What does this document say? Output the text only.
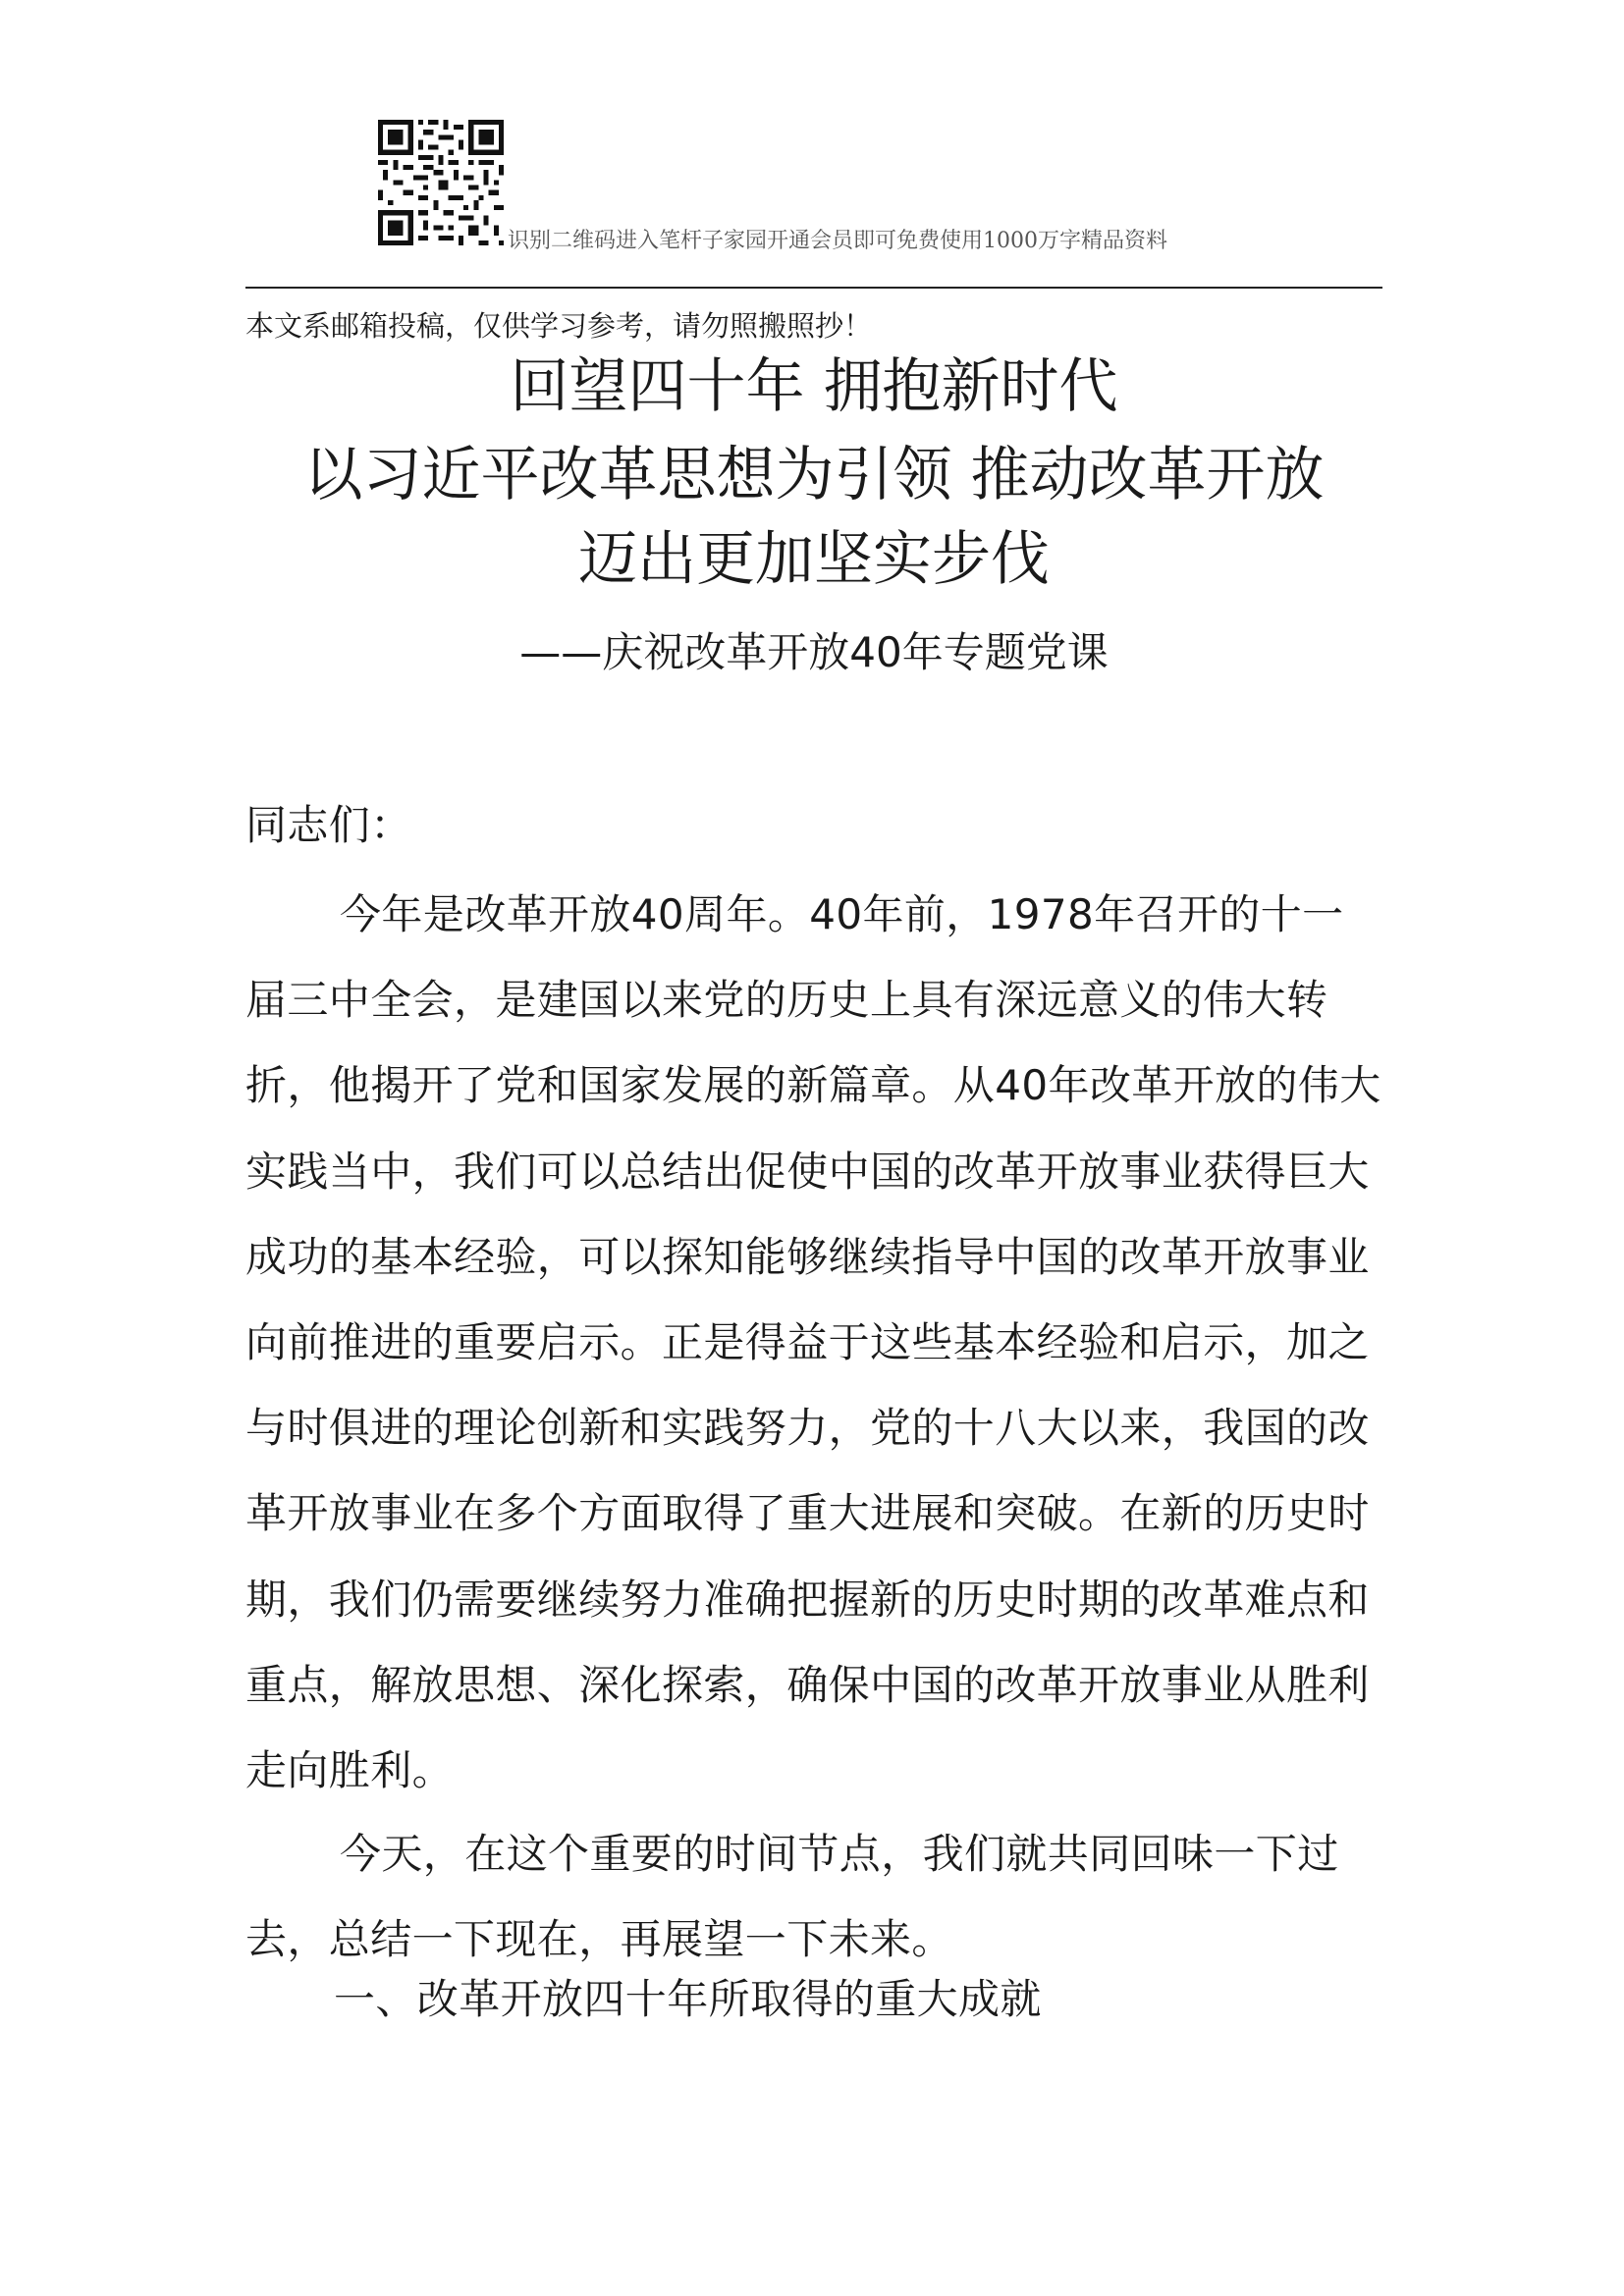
识别二维码进入笔杆子家园开通会员即可免费使用1000万字精品资料
本文系邮箱投稿，仅供学习参考，请勿照搬照抄！
回望四十年 拥抱新时代
以习近平改革思想为引领 推动改革开放
迈出更加坚实步伐
——庆祝改革开放40年专题党课
同志们：
今年是改革开放40周年。40年前，1978年召开的十一届三中全会，是建国以来党的历史上具有深远意义的伟大转折，他揭开了党和国家发展的新篇章。从40年改革开放的伟大实践当中，我们可以总结出促使中国的改革开放事业获得巨大成功的基本经验，可以探知能够继续指导中国的改革开放事业向前推进的重要启示。正是得益于这些基本经验和启示，加之与时俱进的理论创新和实践努力，党的十八大以来，我国的改革开放事业在多个方面取得了重大进展和突破。在新的历史时期，我们仍需要继续努力准确把握新的历史时期的改革难点和重点，解放思想、深化探索，确保中国的改革开放事业从胜利走向胜利。
今天，在这个重要的时间节点，我们就共同回味一下过去，总结一下现在，再展望一下未来。
一、改革开放四十年所取得的重大成就
